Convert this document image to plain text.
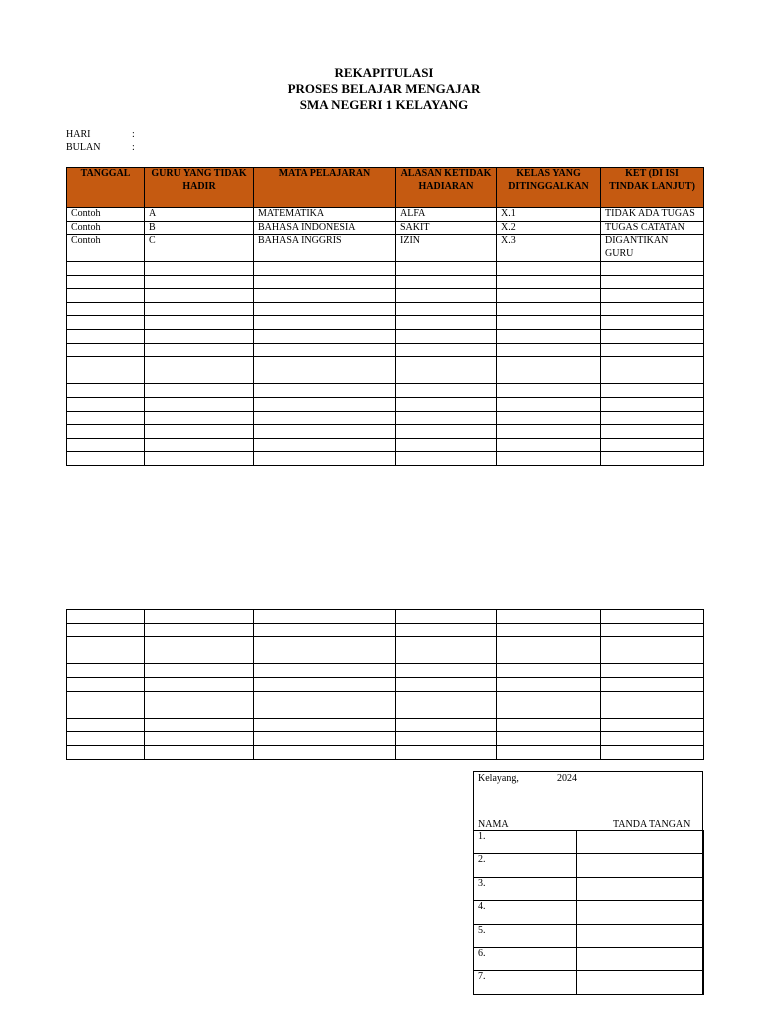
REKAPITULASI
PROSES BELAJAR MENGAJAR
SMA NEGERI 1 KELAYANG
HARI	:
BULAN	:
TANGGAL	GURU YANG TIDAK HADIR	MATA PELAJARAN	ALASAN KETIDAK HADIARAN	KELAS YANG DITINGGALKAN	KET (DI ISI TINDAK LANJUT)
Contoh	A	MATEMATIKA	ALFA	X.1	TIDAK ADA TUGAS
Contoh	B	BAHASA INDONESIA	SAKIT	X.2	TUGAS CATATAN
Contoh	C	BAHASA INGGRIS	IZIN	X.3	DIGANTIKAN GURU

Kelayang,	2024
NAMA	TANDA TANGAN
1.	
2.	
3.	
4.	
5.	
6.	
7.	
